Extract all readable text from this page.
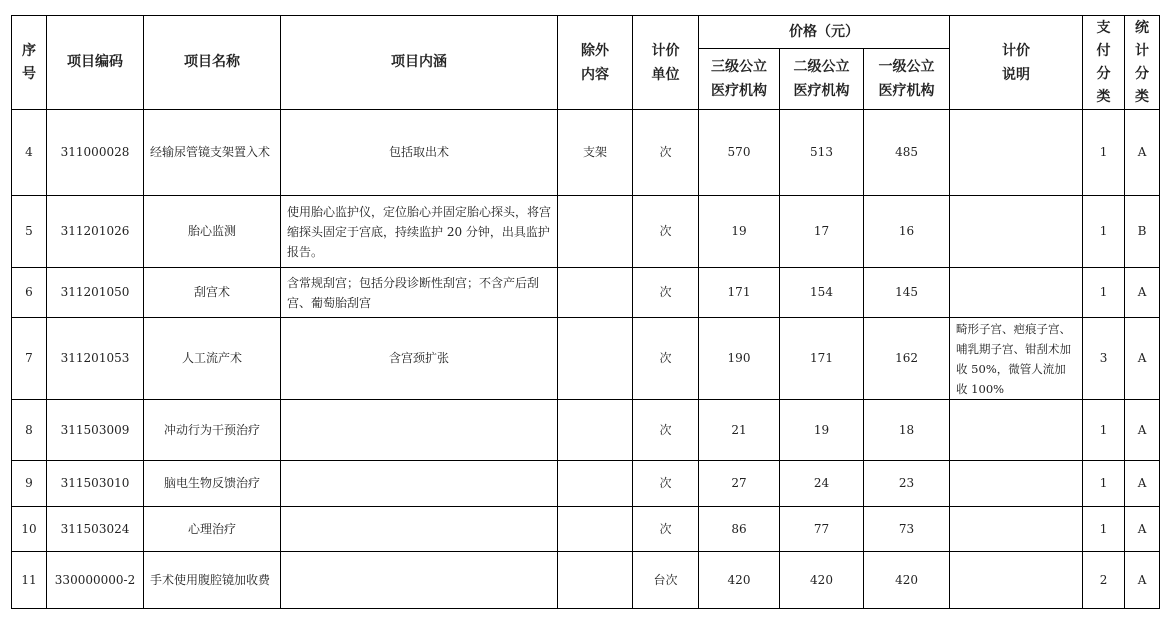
序号	项目编码	项目名称	项目内涵	除外内容	计价单位	价格（元）			计价说明	支付分类	统计分类

						三级公立医疗机构	二级公立医疗机构	一级公立医疗机构			

4	311000028	经输尿管镜支架置入术	包括取出术	支架	次	570	513	485		1	A
5	311201026	胎心监测	使用胎心监护仪，定位胎心并固定胎心探头，将宫缩探头固定于宫底，持续监护 20 分钟，出具监护报告。		次	19	17	16		1	B
6	311201050	刮宫术	含常规刮宫；包括分段诊断性刮宫；不含产后刮宫、葡萄胎刮宫		次	171	154	145		1	A
7	311201053	人工流产术	含宫颈扩张		次	190	171	162	畸形子宫、疤痕子宫、哺乳期子宫、钳刮术加收 50%，微管人流加收 100%	3	A
8	311503009	冲动行为干预治疗			次	21	19	18		1	A
9	311503010	脑电生物反馈治疗			次	27	24	23		1	A
10	311503024	心理治疗			次	86	77	73		1	A
11	330000000-2	手术使用腹腔镜加收费			台次	420	420	420		2	A
